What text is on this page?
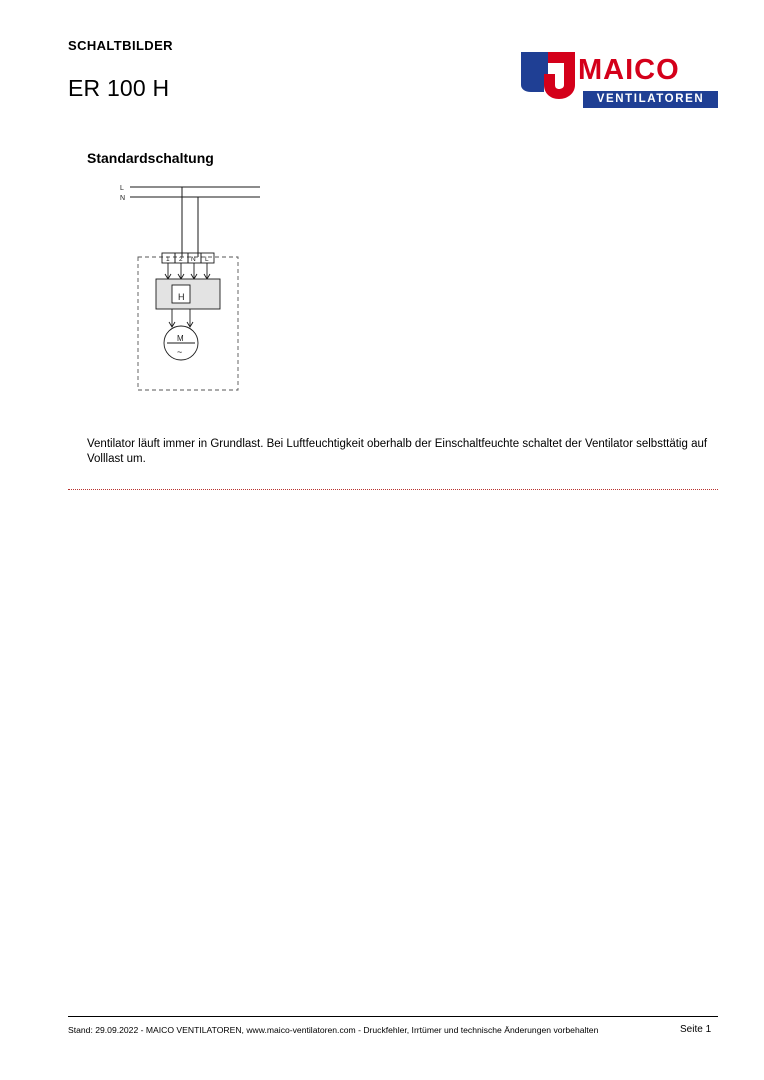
SCHALTBILDER
ER 100 H
MAICO
VENTILATOREN
Standardschaltung
L
N
1 2 N L
H
M
~
Ventilator läuft immer in Grundlast. Bei Luftfeuchtigkeit oberhalb der Einschaltfeuchte schaltet der Ventilator selbsttätig auf Volllast um.
Stand: 29.09.2022 - MAICO VENTILATOREN, www.maico-ventilatoren.com - Druckfehler, Irrtümer und technische Änderungen vorbehalten	Seite 1
